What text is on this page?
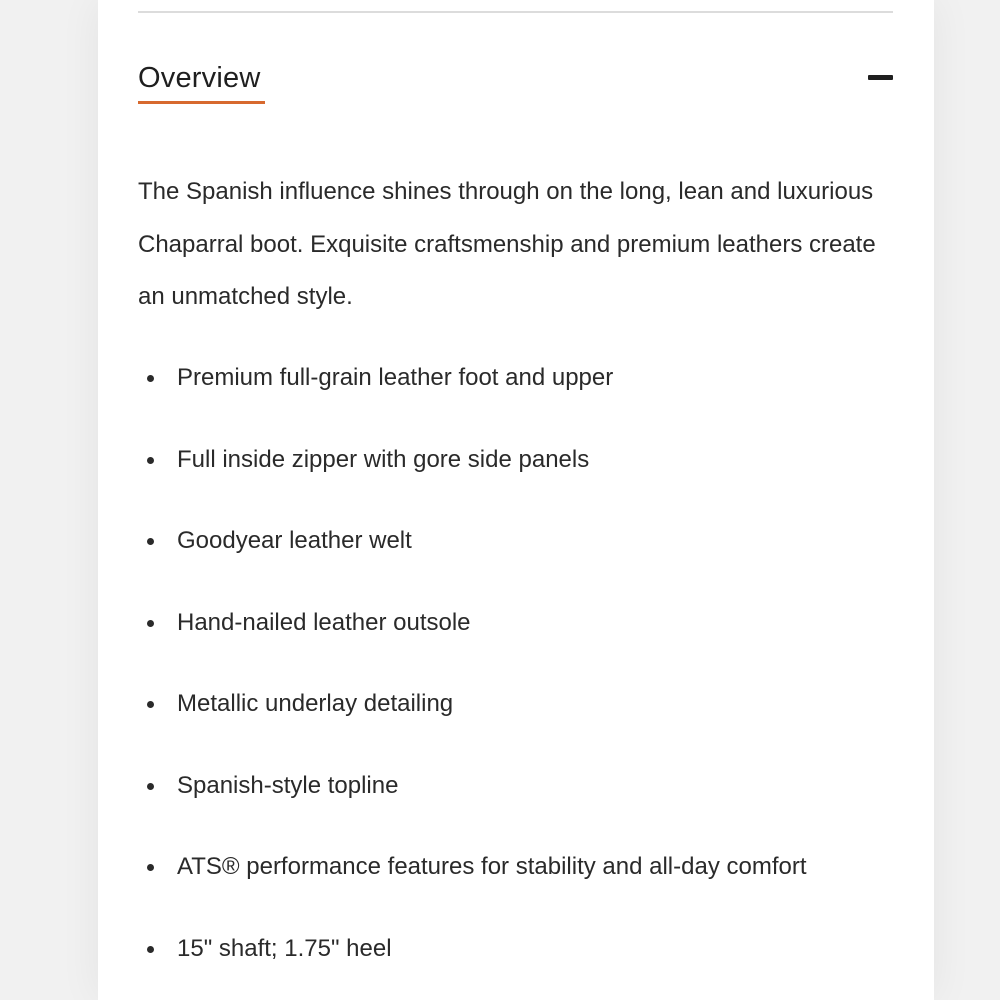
Overview

The Spanish influence shines through on the long, lean and luxurious Chaparral boot. Exquisite craftsmenship and premium leathers create an unmatched style.

Premium full-grain leather foot and upper
Full inside zipper with gore side panels
Goodyear leather welt
Hand-nailed leather outsole
Metallic underlay detailing
Spanish-style topline
ATS® performance features for stability and all-day comfort
15" shaft; 1.75" heel
